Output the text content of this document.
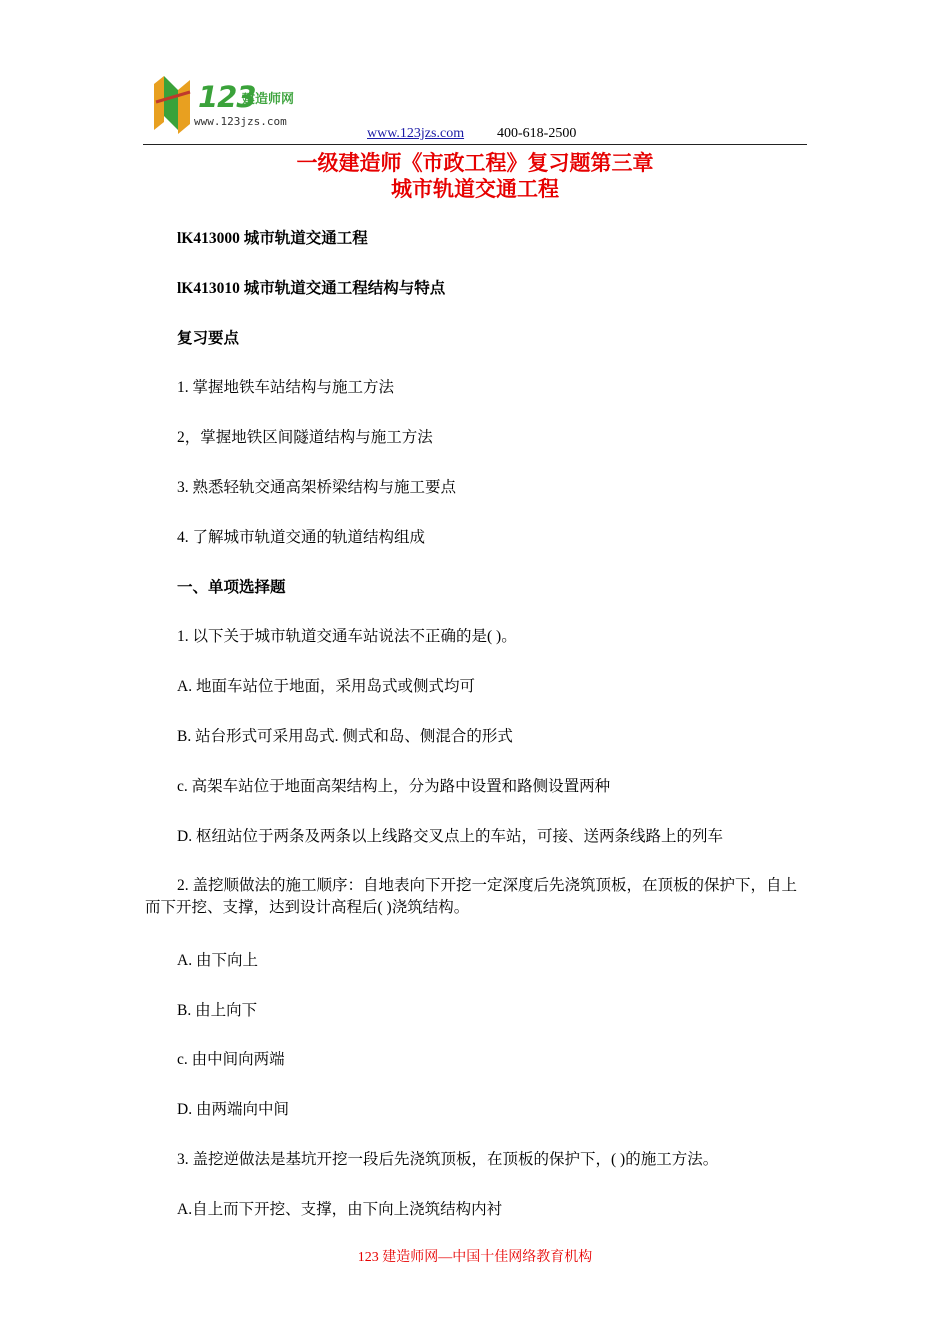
123
建造师网
www.123jzs.com
www.123jzs.com 400-618-2500
一级建造师《市政工程》复习题第三章
城市轨道交通工程
lK413000 城市轨道交通工程
lK413010 城市轨道交通工程结构与特点
复习要点
1. 掌握地铁车站结构与施工方法
2，掌握地铁区间隧道结构与施工方法
3. 熟悉轻轨交通高架桥梁结构与施工要点
4. 了解城市轨道交通的轨道结构组成
一、单项选择题
1. 以下关于城市轨道交通车站说法不正确的是( )。
A. 地面车站位于地面，采用岛式或侧式均可
B. 站台形式可采用岛式. 侧式和岛、侧混合的形式
c. 高架车站位于地面高架结构上，分为路中设置和路侧设置两种
D. 枢纽站位于两条及两条以上线路交叉点上的车站，可接、送两条线路上的列车
2. 盖挖顺做法的施工顺序：自地表向下开挖一定深度后先浇筑顶板，在顶板的保护下，自上而下开挖、支撑，达到设计高程后( )浇筑结构。
A. 由下向上
B. 由上向下
c. 由中间向两端
D. 由两端向中间
3. 盖挖逆做法是基坑开挖一段后先浇筑顶板，在顶板的保护下，( )的施工方法。
A.自上而下开挖、支撑，由下向上浇筑结构内衬
123 建造师网—中国十佳网络教育机构
